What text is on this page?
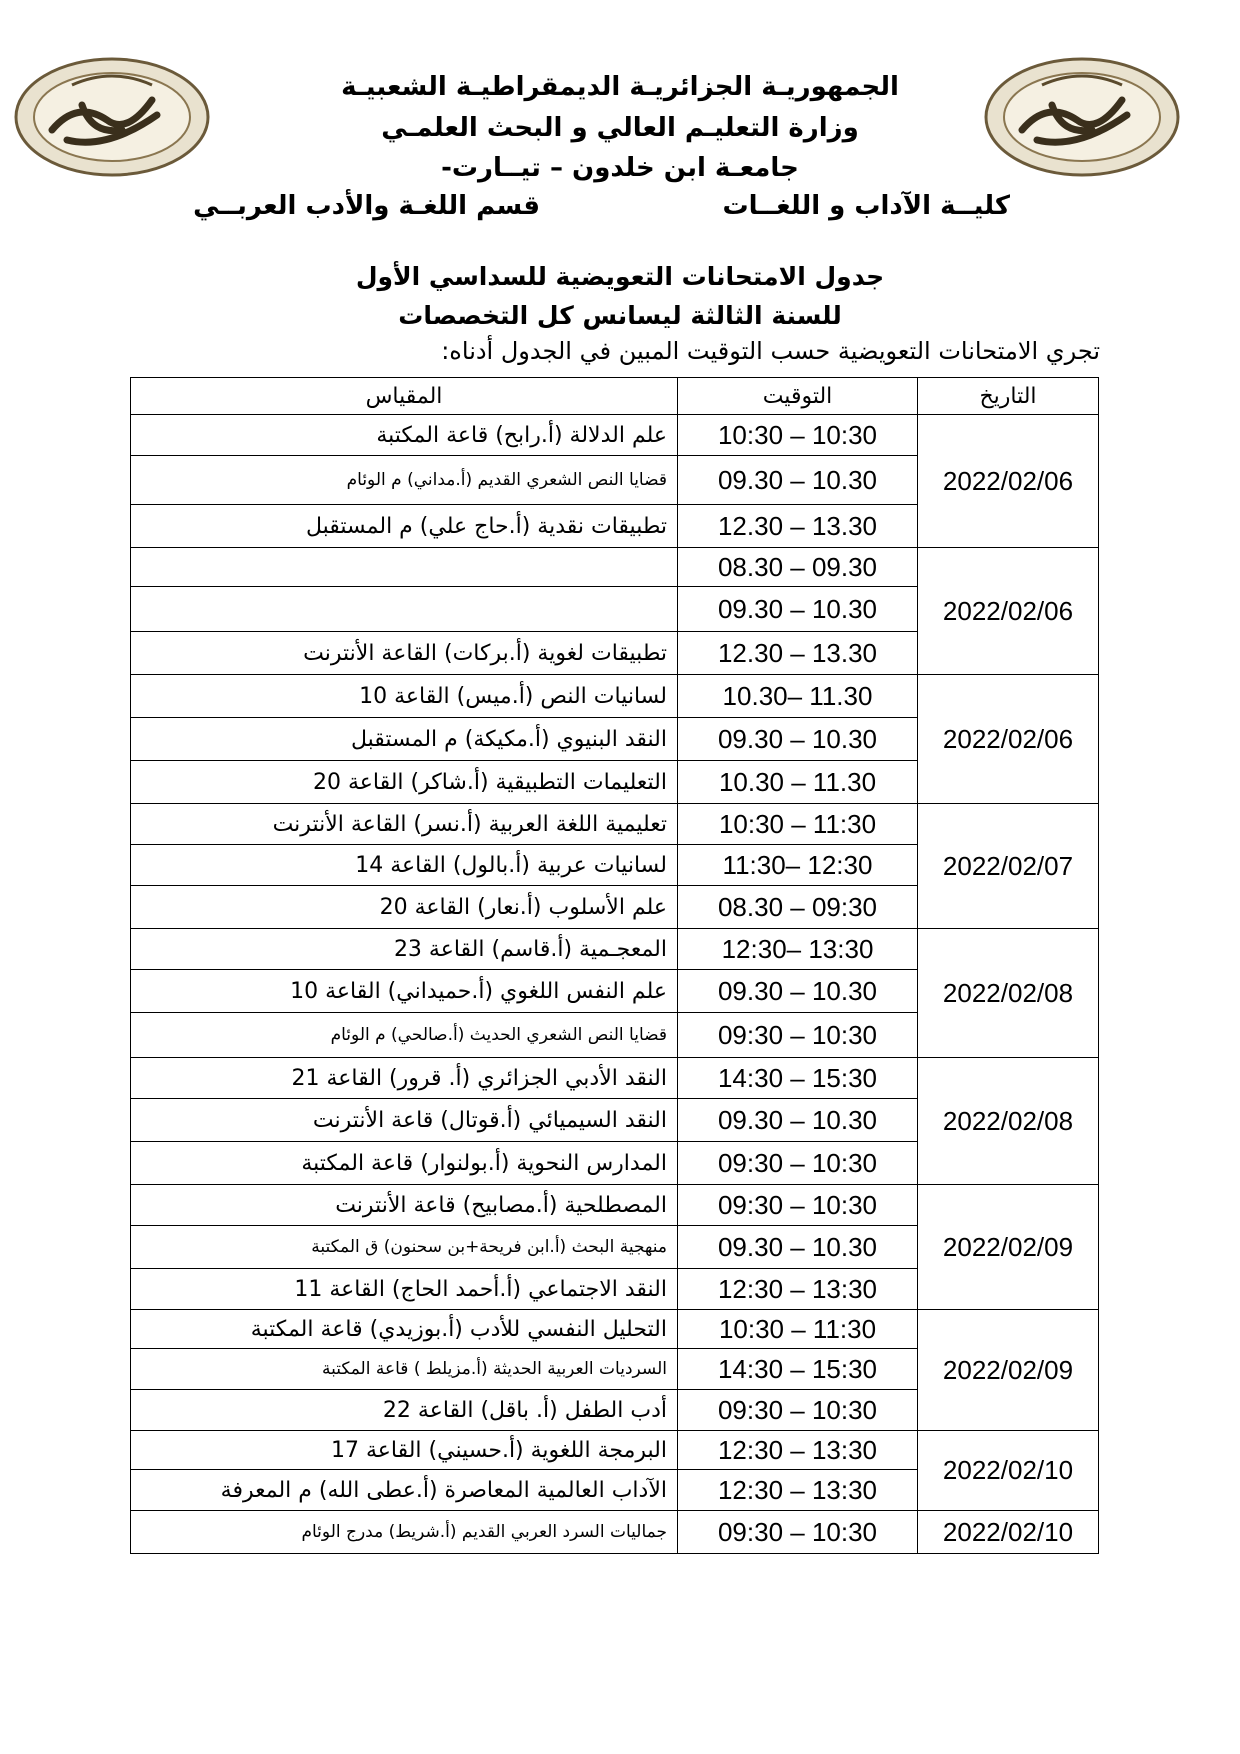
الجمهوريـة الجزائريـة الديمقراطيـة الشعبيـة
وزارة التعليـم العالي و البحث العلمـي
جامعـة ابن خلدون – تيــارت-
كليــة الآداب و اللغــات
قسم اللغـة والأدب العربــي
جدول الامتحانات التعويضية للسداسي الأول
للسنة الثالثة ليسانس كل التخصصات
تجري الامتحانات التعويضية حسب التوقيت المبين في الجدول أدناه:
المقياس	التوقيت	التاريخ
علم الدلالة (أ.رابح) قاعة المكتبة	10:30 – 10:30	2022/02/06
قضايا النص الشعري القديم (أ.مداني) م الوئام	09.30 – 10.30	
تطبيقات نقدية (أ.حاج علي) م المستقبل	12.30 – 13.30	
	08.30 – 09.30	2022/02/06
	09.30 – 10.30	
تطبيقات لغوية (أ.بركات) القاعة الأنترنت	12.30 – 13.30	
لسانيات النص (أ.ميس) القاعة 10	10.30– 11.30	2022/02/06
النقد البنيوي (أ.مكيكة) م المستقبل	09.30 – 10.30	
التعليمات التطبيقية (أ.شاكر) القاعة 20	10.30 – 11.30	
تعليمية اللغة العربية (أ.نسر) القاعة الأنترنت	10:30 – 11:30	2022/02/07
لسانيات عربية (أ.بالول) القاعة 14	11:30– 12:30	
علم الأسلوب (أ.نعار) القاعة 20	08.30 – 09:30	
المعجـمية (أ.قاسم) القاعة 23	12:30– 13:30	2022/02/08
علم النفس اللغوي (أ.حميداني) القاعة 10	09.30 – 10.30	
قضايا النص الشعري الحديث (أ.صالحي) م الوئام	09:30 – 10:30	
النقد الأدبي الجزائري (أ. قرور) القاعة 21	14:30 – 15:30	2022/02/08
النقد السيميائي (أ.قوتال) قاعة الأنترنت	09.30 – 10.30	
المدارس النحوية (أ.بولنوار) قاعة المكتبة	09:30 – 10:30	
المصطلحية (أ.مصابيح) قاعة الأنترنت	09:30 – 10:30	2022/02/09
منهجية البحث (أ.ابن فريحة+بن سحنون) ق المكتبة	09.30 – 10.30	
النقد الاجتماعي (أ.أحمد الحاج) القاعة 11	12:30 – 13:30	
التحليل النفسي للأدب (أ.بوزيدي) قاعة المكتبة	10:30 – 11:30	2022/02/09
السرديات العربية الحديثة (أ.مزيلط ) قاعة المكتبة	14:30 – 15:30	
أدب الطفل (أ. باقل) القاعة 22	09:30 – 10:30	
البرمجة اللغوية (أ.حسيني) القاعة 17	12:30 – 13:30	2022/02/10
الآداب العالمية المعاصرة (أ.عطى الله) م المعرفة	12:30 – 13:30	
جماليات السرد العربي القديم (أ.شريط) مدرج الوئام	09:30 – 10:30	2022/02/10
